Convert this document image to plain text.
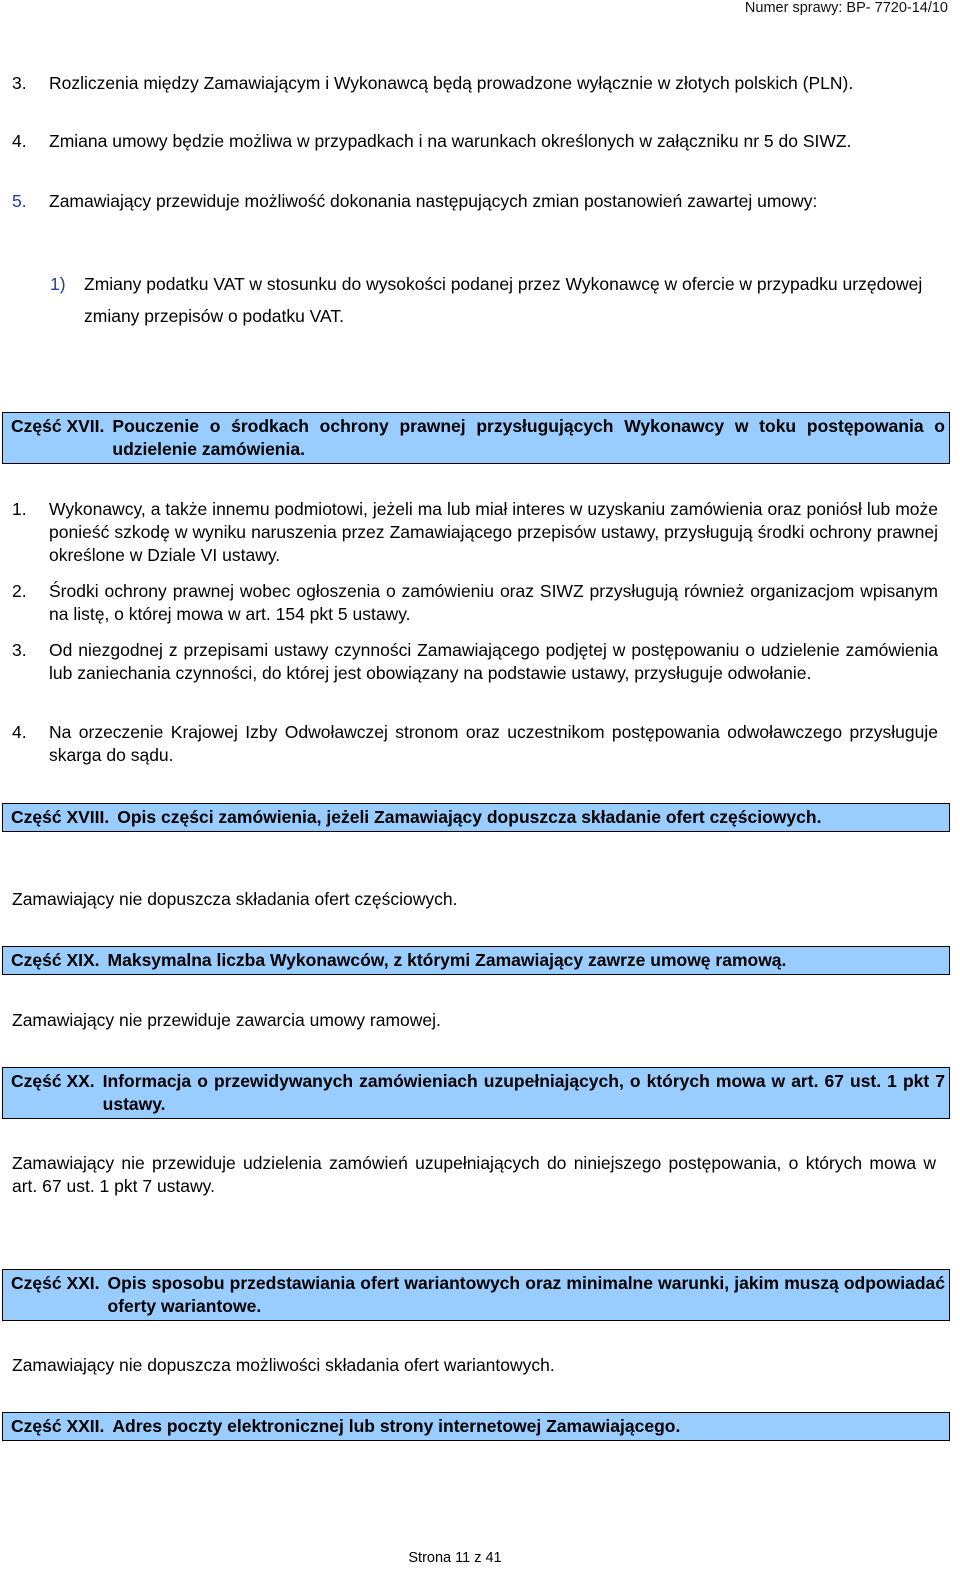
Numer sprawy: BP- 7720-14/10
3. Rozliczenia między Zamawiającym i Wykonawcą będą prowadzone wyłącznie w złotych polskich (PLN).
4. Zmiana umowy będzie możliwa w przypadkach i na warunkach określonych w załączniku nr 5 do SIWZ.
5. Zamawiający przewiduje możliwość dokonania następujących zmian postanowień zawartej umowy:
1) Zmiany podatku VAT w stosunku do wysokości podanej przez Wykonawcę w ofercie w przypadku urzędowej zmiany przepisów o podatku VAT.
Część XVII. Pouczenie o środkach ochrony prawnej przysługujących Wykonawcy w toku postępowania o udzielenie zamówienia.
1. Wykonawcy, a także innemu podmiotowi, jeżeli ma lub miał interes w uzyskaniu zamówienia oraz poniósł lub może ponieść szkodę w wyniku naruszenia przez Zamawiającego przepisów ustawy, przysługują środki ochrony prawnej określone w Dziale VI ustawy.
2. Środki ochrony prawnej wobec ogłoszenia o zamówieniu oraz SIWZ przysługują również organizacjom wpisanym na listę, o której mowa w art. 154 pkt 5 ustawy.
3. Od niezgodnej z przepisami ustawy czynności Zamawiającego podjętej w postępowaniu o udzielenie zamówienia lub zaniechania czynności, do której jest obowiązany na podstawie ustawy, przysługuje odwołanie.
4. Na orzeczenie Krajowej Izby Odwoławczej stronom oraz uczestnikom postępowania odwoławczego przysługuje skarga do sądu.
Część XVIII. Opis części zamówienia, jeżeli Zamawiający dopuszcza składanie ofert częściowych.
Zamawiający nie dopuszcza składania ofert częściowych.
Część XIX. Maksymalna liczba Wykonawców, z którymi Zamawiający zawrze umowę ramową.
Zamawiający nie przewiduje zawarcia umowy ramowej.
Część XX. Informacja o przewidywanych zamówieniach uzupełniających, o których mowa w art. 67 ust. 1 pkt 7 ustawy.
Zamawiający nie przewiduje udzielenia zamówień uzupełniających do niniejszego postępowania, o których mowa w art. 67 ust. 1 pkt 7 ustawy.
Część XXI. Opis sposobu przedstawiania ofert wariantowych oraz minimalne warunki, jakim muszą odpowiadać oferty wariantowe.
Zamawiający nie dopuszcza możliwości składania ofert wariantowych.
Część XXII. Adres poczty elektronicznej lub strony internetowej Zamawiającego.
Strona 11 z 41
